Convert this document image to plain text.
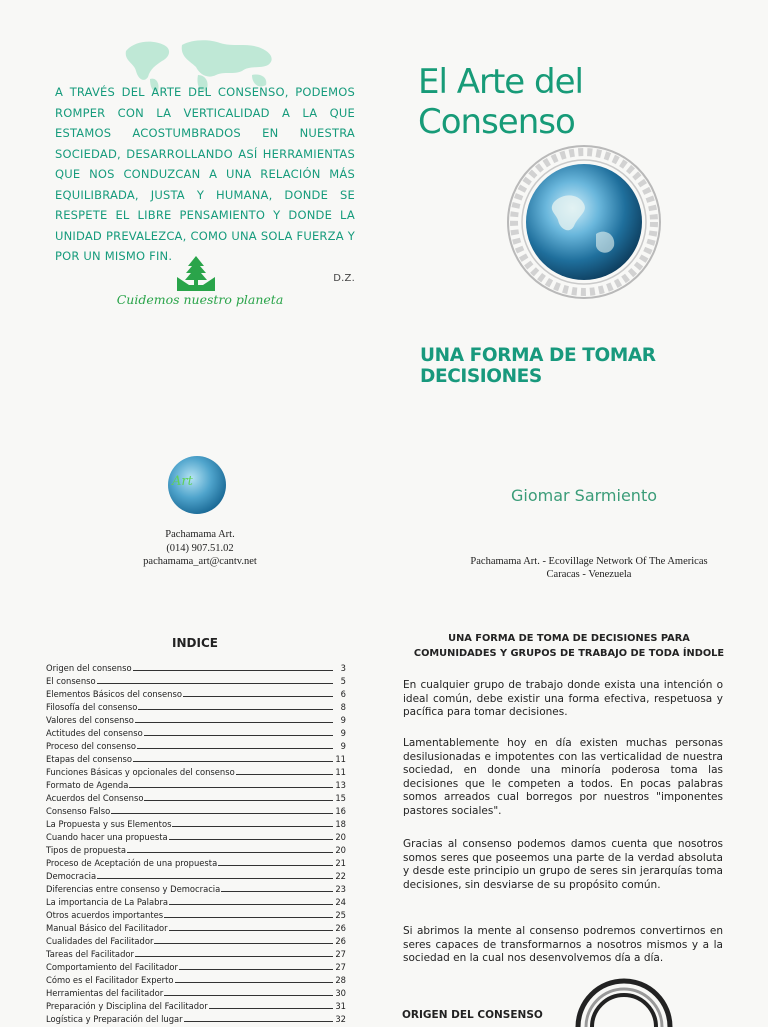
A TRAVÉS DEL ARTE DEL CONSENSO, PODEMOS ROMPER CON LA VERTICALIDAD A LA QUE ESTAMOS ACOSTUMBRADOS EN NUESTRA SOCIEDAD, DESARROLLANDO ASÍ HERRAMIENTAS QUE NOS CONDUZCAN A UNA RELACIÓN MÁS EQUILIBRADA, JUSTA Y HUMANA, DONDE SE RESPETE EL LIBRE PENSAMIENTO Y DONDE LA UNIDAD PREVALEZCA, COMO UNA SOLA FUERZA Y POR UN MISMO FIN.
D.Z.

Cuidemos nuestro planeta
Art
Pachamama Art.
(014) 907.51.02
pachamama_art@cantv.net
El Arte del Consenso
UNA FORMA DE TOMAR DECISIONES
Giomar Sarmiento
Pachamama Art. - Ecovillage Network Of The Americas
Caracas - Venezuela
INDICE
Origen del consenso	3
El consenso	5
Elementos Básicos del consenso	6
Filosofía del consenso	8
Valores del consenso	9
Actitudes del consenso	9
Proceso del consenso	9
Etapas del consenso	11
Funciones Básicas y opcionales del consenso	11
Formato de Agenda	13
Acuerdos del Consenso	15
Consenso Falso	16
La Propuesta y sus Elementos	18
Cuando hacer una propuesta	20
Tipos de propuesta	20
Proceso de Aceptación de una propuesta	21
Democracia	22
Diferencias entre consenso y Democracia	23
La importancia de La Palabra	24
Otros acuerdos importantes	25
Manual Básico del Facilitador	26
Cualidades del Facilitador	26
Tareas del Facilitador	27
Comportamiento del Facilitador	27
Cómo es el Facilitador Experto	28
Herramientas del facilitador	30
Preparación y Disciplina del Facilitador	31
Logística y Preparación del lugar	32
UNA FORMA DE TOMA DE DECISIONES PARA
COMUNIDADES Y GRUPOS DE TRABAJO DE TODA ÍNDOLE

En cualquier grupo de trabajo donde exista una intención o ideal común, debe existir una forma efectiva, respetuosa y pacífica para tomar decisiones.

Lamentablemente hoy en día existen muchas personas desilusionadas e impotentes con las verticalidad de nuestra sociedad, en donde una minoría poderosa toma las decisiones que le competen a todos. En pocas palabras somos arreados cual borregos por nuestros "imponentes pastores sociales".

Gracias al consenso podemos damos cuenta que nosotros somos seres que poseemos una parte de la verdad absoluta y desde este principio un grupo de seres sin jerarquías toma decisiones, sin desviarse de su propósito común.

Si abrimos la mente al consenso podremos convertirnos en seres capaces de transformarnos a nosotros mismos y a la sociedad en la cual nos desenvolvemos día a día.

ORIGEN DEL CONSENSO
